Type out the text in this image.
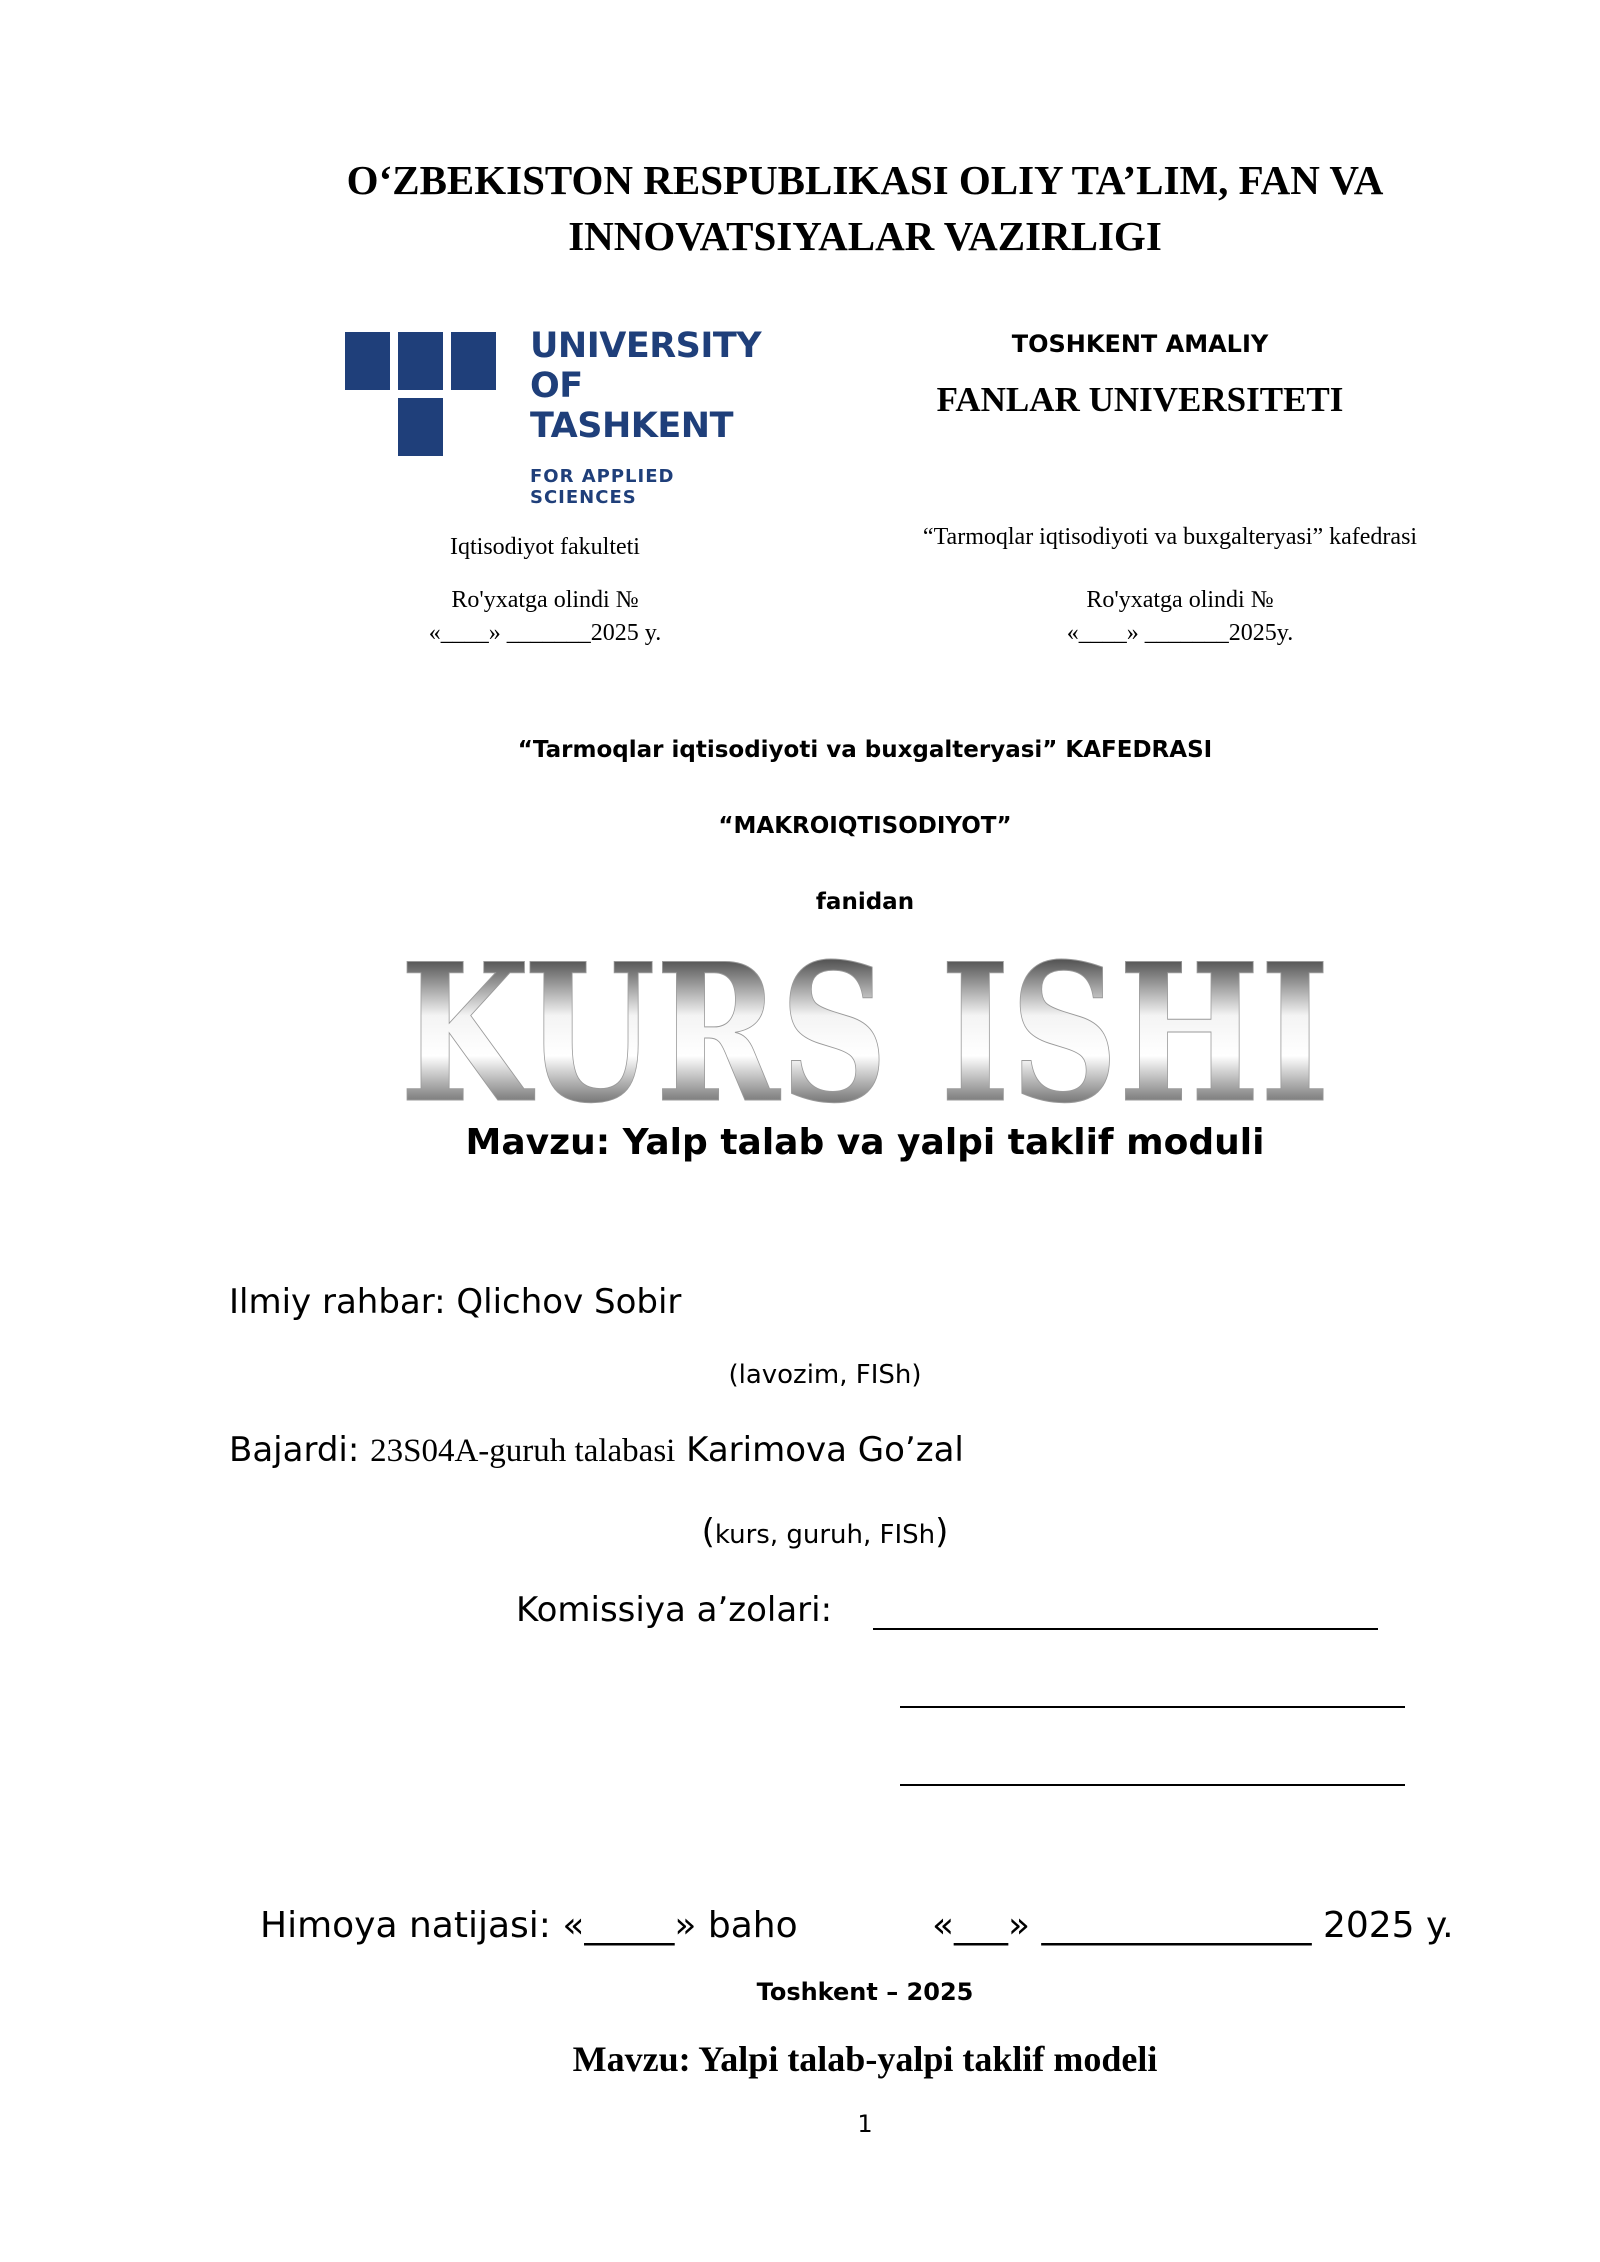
O‘ZBEKISTON RESPUBLIKASI OLIY TA’LIM, FAN VA INNOVATSIYALAR VAZIRLIGI
UNIVERSITY
OF TASHKENT
FOR APPLIED SCIENCES
TOSHKENT AMALIY
FANLAR UNIVERSITETI
Iqtisodiyot fakulteti
Ro'yxatga olindi №
«____» _______2025 y.
“Tarmoqlar iqtisodiyoti va buxgalteryasi” kafedrasi
Ro'yxatga olindi №
«____» _______2025y.
“Tarmoqlar iqtisodiyoti va buxgalteryasi” KAFEDRASI
“MAKROIQTISODIYOT”
fanidan
KURS ISHI
Mavzu: Yalp talab va yalpi taklif moduli
Ilmiy rahbar: Qlichov Sobir
(lavozim, FISh)
Bajardi: 23S04A-guruh talabasi Karimova Go’zal
(kurs, guruh, FISh)
Komissiya a’zolari:
Himoya natijasi: «_____» baho	«___» _______________ 2025 y.
Toshkent – 2025
Mavzu: Yalpi talab-yalpi taklif modeli
1
